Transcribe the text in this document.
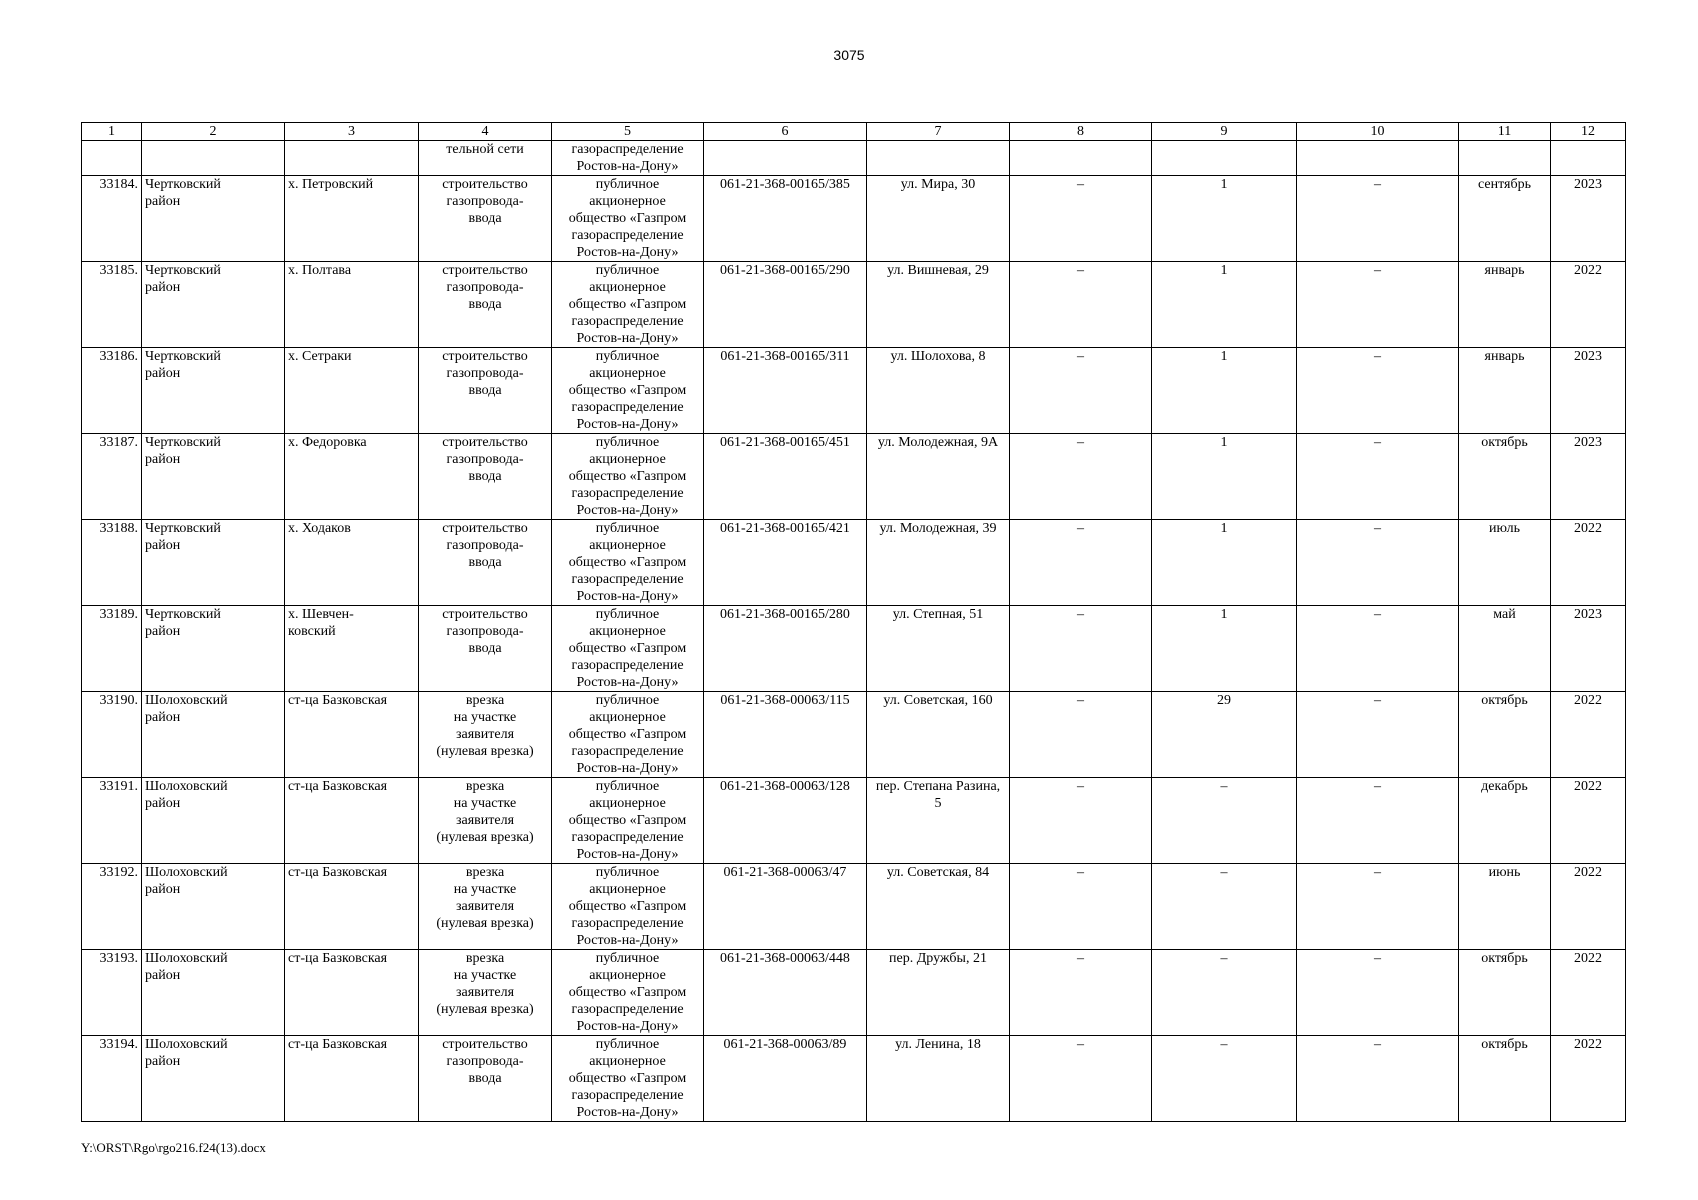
3075
1	2	3	4	5	6	7	8	9	10	11	12
			тельной сети	газораспределение
Ростов-на-Дону»							
33184.	Чертковский
район	х. Петровский	строительство
газопровода-
ввода	публичное
акционерное
общество «Газпром
газораспределение
Ростов-на-Дону»	061-21-368-00165/385	ул. Мира, 30	–	1	–	сентябрь	2023
33185.	Чертковский
район	х. Полтава	строительство
газопровода-
ввода	публичное
акционерное
общество «Газпром
газораспределение
Ростов-на-Дону»	061-21-368-00165/290	ул. Вишневая, 29	–	1	–	январь	2022
33186.	Чертковский
район	х. Сетраки	строительство
газопровода-
ввода	публичное
акционерное
общество «Газпром
газораспределение
Ростов-на-Дону»	061-21-368-00165/311	ул. Шолохова, 8	–	1	–	январь	2023
33187.	Чертковский
район	х. Федоровка	строительство
газопровода-
ввода	публичное
акционерное
общество «Газпром
газораспределение
Ростов-на-Дону»	061-21-368-00165/451	ул. Молодежная, 9А	–	1	–	октябрь	2023
33188.	Чертковский
район	х. Ходаков	строительство
газопровода-
ввода	публичное
акционерное
общество «Газпром
газораспределение
Ростов-на-Дону»	061-21-368-00165/421	ул. Молодежная, 39	–	1	–	июль	2022
33189.	Чертковский
район	х. Шевчен-
ковский	строительство
газопровода-
ввода	публичное
акционерное
общество «Газпром
газораспределение
Ростов-на-Дону»	061-21-368-00165/280	ул. Степная, 51	–	1	–	май	2023
33190.	Шолоховский
район	ст-ца Базковская	врезка
на участке
заявителя
(нулевая врезка)	публичное
акционерное
общество «Газпром
газораспределение
Ростов-на-Дону»	061-21-368-00063/115	ул. Советская, 160	–	29	–	октябрь	2022
33191.	Шолоховский
район	ст-ца Базковская	врезка
на участке
заявителя
(нулевая врезка)	публичное
акционерное
общество «Газпром
газораспределение
Ростов-на-Дону»	061-21-368-00063/128	пер. Степана Разина,
5	–	–	–	декабрь	2022
33192.	Шолоховский
район	ст-ца Базковская	врезка
на участке
заявителя
(нулевая врезка)	публичное
акционерное
общество «Газпром
газораспределение
Ростов-на-Дону»	061-21-368-00063/47	ул. Советская, 84	–	–	–	июнь	2022
33193.	Шолоховский
район	ст-ца Базковская	врезка
на участке
заявителя
(нулевая врезка)	публичное
акционерное
общество «Газпром
газораспределение
Ростов-на-Дону»	061-21-368-00063/448	пер. Дружбы, 21	–	–	–	октябрь	2022
33194.	Шолоховский
район	ст-ца Базковская	строительство
газопровода-
ввода	публичное
акционерное
общество «Газпром
газораспределение
Ростов-на-Дону»	061-21-368-00063/89	ул. Ленина, 18	–	–	–	октябрь	2022
Y:\ORST\Rgo\rgo216.f24(13).docx
